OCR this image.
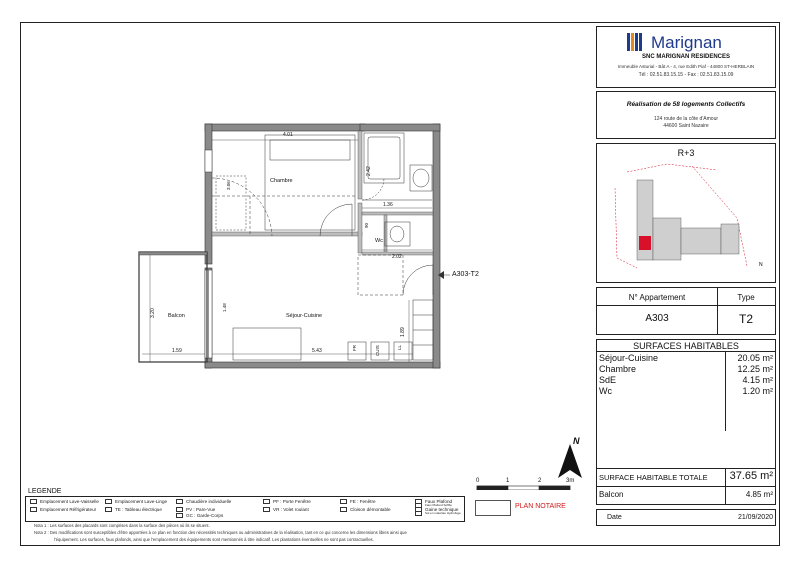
4.01
Chambre
Séjour-Cuisine
Balcon
Wc
5.43
1.59
3.20
1.89
1.36
2.02
2.42
90
1.48
3.06
FR	CUIS	LL
A303-T2
0	1	2	3m
N
Marignan
SNC MARIGNAN RESIDENCES
Immeuble Asturial - Bât A - 4, rue Edith Piaf - 44800 ST-HERBLAIN
Tél : 02.51.83.15.15 - Fax : 02.51.83.15.09
Réalisation de 58 logements Collectifs
124 route de la côte d'Amour
44600 Saint Nazaire
R+3
N
N° Appartement	Type
A303	T2
SURFACES HABITABLES
Séjour-Cuisine	20.05 m²
Chambre	12.25 m²
SdE	4.15 m²
Wc	1.20 m²
SURFACE HABITABLE TOTALE	37.65 m²
Balcon	4.85 m²
Date	21/09/2020
LEGENDE
Emplacement Lave-Vaisselle	Emplacement Lave-Linge	Chaudière individuelle	PF : Porte Fenêtre	FE : Fenêtre	Faux Plafond
Emplacement Réfrigérateur	TE : Tableau électrique	PV : Pare-Vue
GC : Garde-Corps
VR : Volet roulant	Cloison démontable	Gaine technique
Faux Plafond Soffite
Sol en matériau Hydrofuge
PLAN NOTAIRE
Nota 1 : Les surfaces des placards sont comprises dans la surface des pièces où ils se situent.
Nota 2 : Des modifications sont susceptibles d'être apportées à ce plan en fonction des nécessités techniques ou administratives de la réalisation, tant en ce qui concerne les dimensions libres ainsi que
l'équipement. Les surfaces, faux plafonds, ainsi que l'emplacement des équipements sont mentionnés à titre indicatif. Les plantations éventuelles ne sont pas contractuelles.
